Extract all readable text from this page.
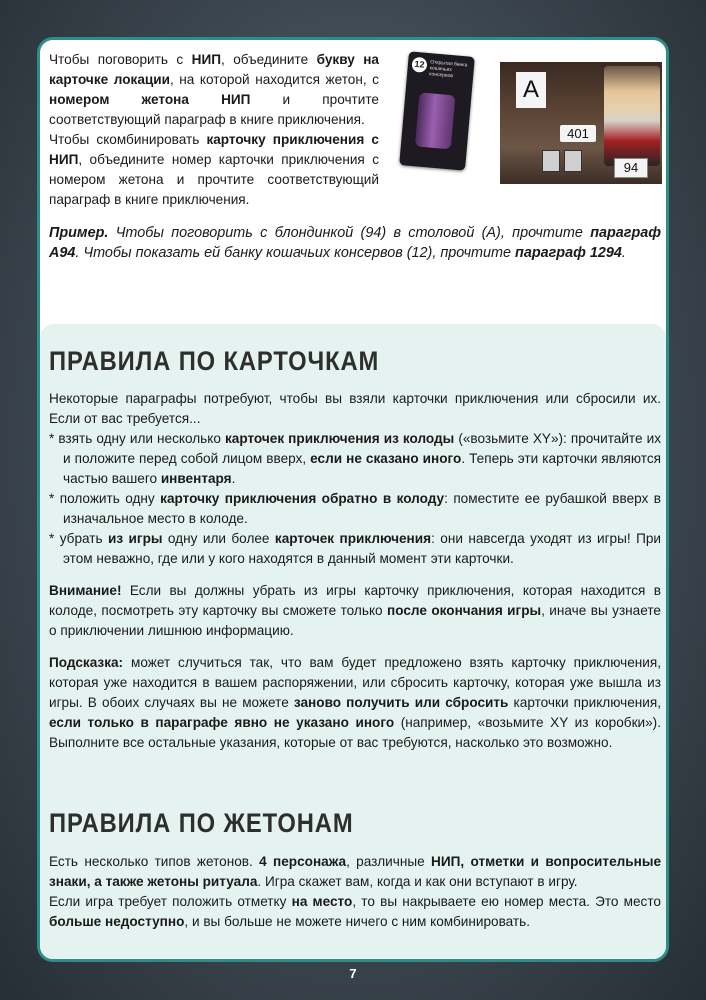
Чтобы поговорить с НИП, объедините букву на карточке локации, на которой находится жетон, с номером жетона НИП и прочтите соответствующий параграф в книге приключения.

Чтобы скомбинировать карточку приключения с НИП, объедините номер карточки приключения с номером жетона и прочтите соответствующий параграф в книге приключения.

12	Открытая банка кошачьих консервов
A
401
94
Пример. Чтобы поговорить с блондинкой (94) в столовой (A), прочтите параграф A94. Чтобы показать ей банку кошачьих консервов (12), прочтите параграф 1294.
ПРАВИЛА ПО КАРТОЧКАМ

Некоторые параграфы потребуют, чтобы вы взяли карточки приключения или сбросили их. Если от вас требуется...

* взять одну или несколько карточек приключения из колоды («возьмите XY»): прочитайте их и положите перед собой лицом вверх, если не сказано иного. Теперь эти карточки являются частью вашего инвентаря.

* положить одну карточку приключения обратно в колоду: поместите ее рубашкой вверх в изначальное место в колоде.

* убрать из игры одну или более карточек приключения: они навсегда уходят из игры! При этом неважно, где или у кого находятся в данный момент эти карточки.

Внимание! Если вы должны убрать из игры карточку приключения, которая находится в колоде, посмотреть эту карточку вы сможете только после окончания игры, иначе вы узнаете о приключении лишнюю информацию.

Подсказка: может случиться так, что вам будет предложено взять карточку приключения, которая уже находится в вашем распоряжении, или сбросить карточку, которая уже вышла из игры. В обоих случаях вы не можете заново получить или сбросить карточки приключения, если только в параграфе явно не указано иного (например, «возьмите XY из коробки»). Выполните все остальные указания, которые от вас требуются, насколько это возможно.

ПРАВИЛА ПО ЖЕТОНАМ

Есть несколько типов жетонов. 4 персонажа, различные НИП, отметки и вопросительные знаки, а также жетоны ритуала. Игра скажет вам, когда и как они вступают в игру.

Если игра требует положить отметку на место, то вы накрываете ею номер места. Это место больше недоступно, и вы больше не можете ничего с ним комбинировать.

7
